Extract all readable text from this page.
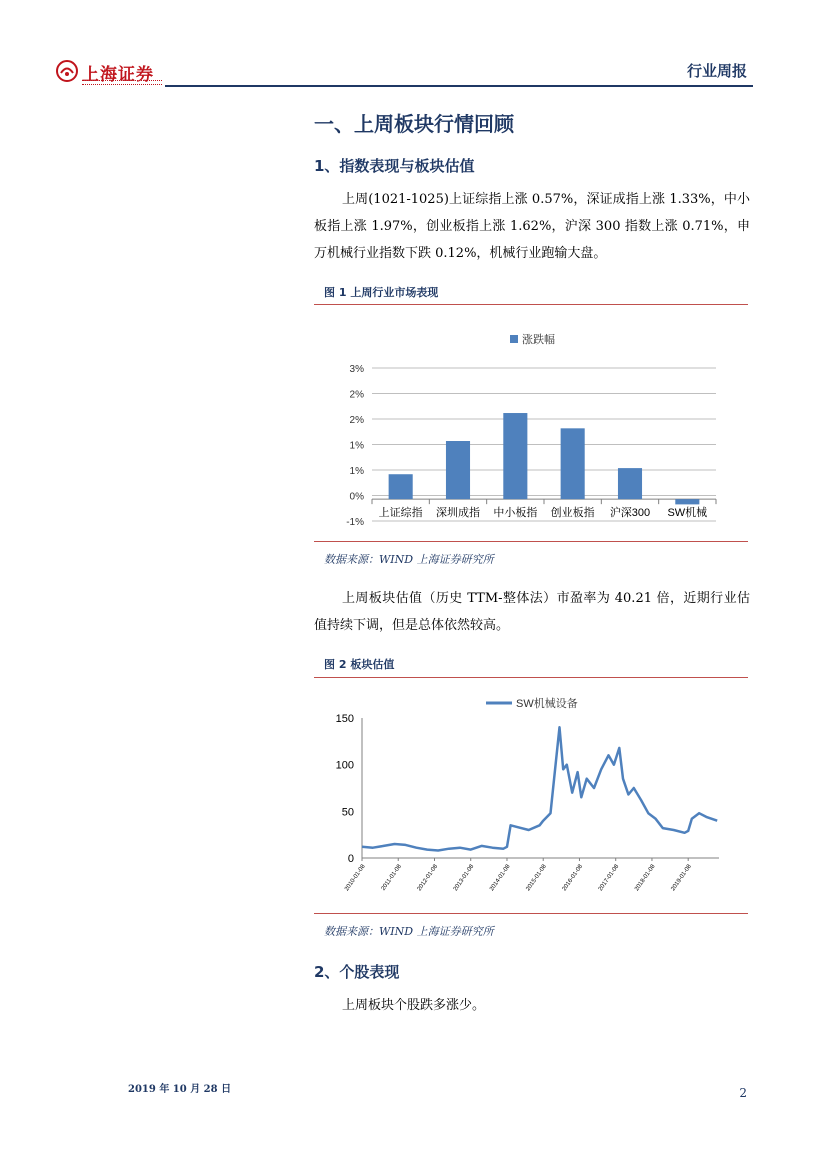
上海证券	行业周报
一、上周板块行情回顾
1、指数表现与板块估值
上周(1021-1025)上证综指上涨 0.57%，深证成指上涨 1.33%，中小板指上涨 1.97%，创业板指上涨 1.62%，沪深 300 指数上涨 0.71%，申万机械行业指数下跌 0.12%，机械行业跑输大盘。
图 1 上周行业市场表现
涨跌幅
-1%
0%
1%
1%
2%
2%
3%
上证综指 深圳成指 中小板指 创业板指 沪深300 SW机械
数据来源：WIND 上海证券研究所
上周板块估值（历史 TTM-整体法）市盈率为 40.21 倍，近期行业估值持续下调，但是总体依然较高。
图 2 板块估值
SW机械设备
0
50
100
150
2010-01-08 2011-01-08 2012-01-08 2013-01-08 2014-01-08 2015-01-08 2016-01-08 2017-01-08 2018-01-08 2019-01-08
数据来源：WIND 上海证券研究所
2、个股表现
上周板块个股跌多涨少。
2019 年 10 月 28 日	2
